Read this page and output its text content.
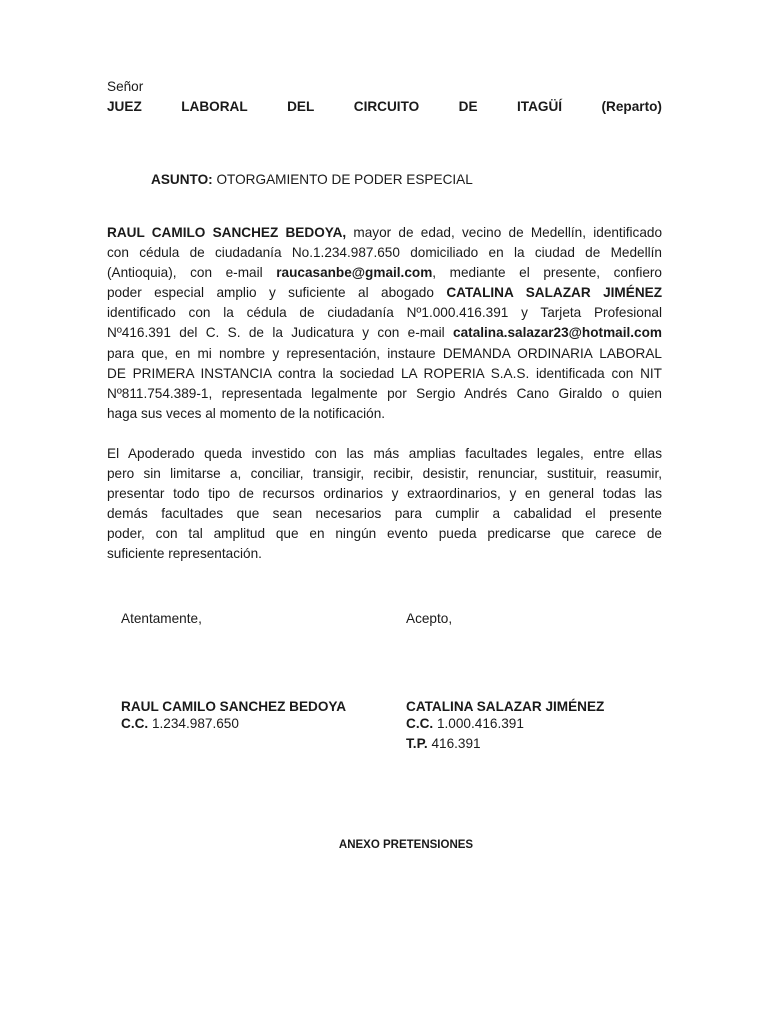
Señor
JUEZ	LABORAL	DEL	CIRCUITO	DE	ITAGÜÍ	(Reparto)
ASUNTO: OTORGAMIENTO DE PODER ESPECIAL
RAUL CAMILO SANCHEZ BEDOYA, mayor de edad, vecino de Medellín, identificado
con cédula de ciudadanía No.1.234.987.650 domiciliado en la ciudad de Medellín
(Antioquia), con e-mail raucasanbe@gmail.com, mediante el presente, confiero
poder especial amplio y suficiente al abogado CATALINA SALAZAR JIMÉNEZ
identificado con la cédula de ciudadanía Nº1.000.416.391 y Tarjeta Profesional
Nº416.391 del C. S. de la Judicatura y con e-mail catalina.salazar23@hotmail.com
para que, en mi nombre y representación, instaure DEMANDA ORDINARIA LABORAL
DE PRIMERA INSTANCIA contra la sociedad LA ROPERIA S.A.S. identificada con NIT
Nº811.754.389-1, representada legalmente por Sergio Andrés Cano Giraldo o quien
haga sus veces al momento de la notificación.
El Apoderado queda investido con las más amplias facultades legales, entre ellas
pero sin limitarse a, conciliar, transigir, recibir, desistir, renunciar, sustituir, reasumir,
presentar todo tipo de recursos ordinarios y extraordinarios, y en general todas las
demás facultades que sean necesarios para cumplir a cabalidad el presente
poder, con tal amplitud que en ningún evento pueda predicarse que carece de
suficiente representación.
Atentamente,
RAUL CAMILO SANCHEZ BEDOYA
C.C. 1.234.987.650
Acepto,
CATALINA SALAZAR JIMÉNEZ
C.C. 1.000.416.391
T.P. 416.391
ANEXO PRETENSIONES
